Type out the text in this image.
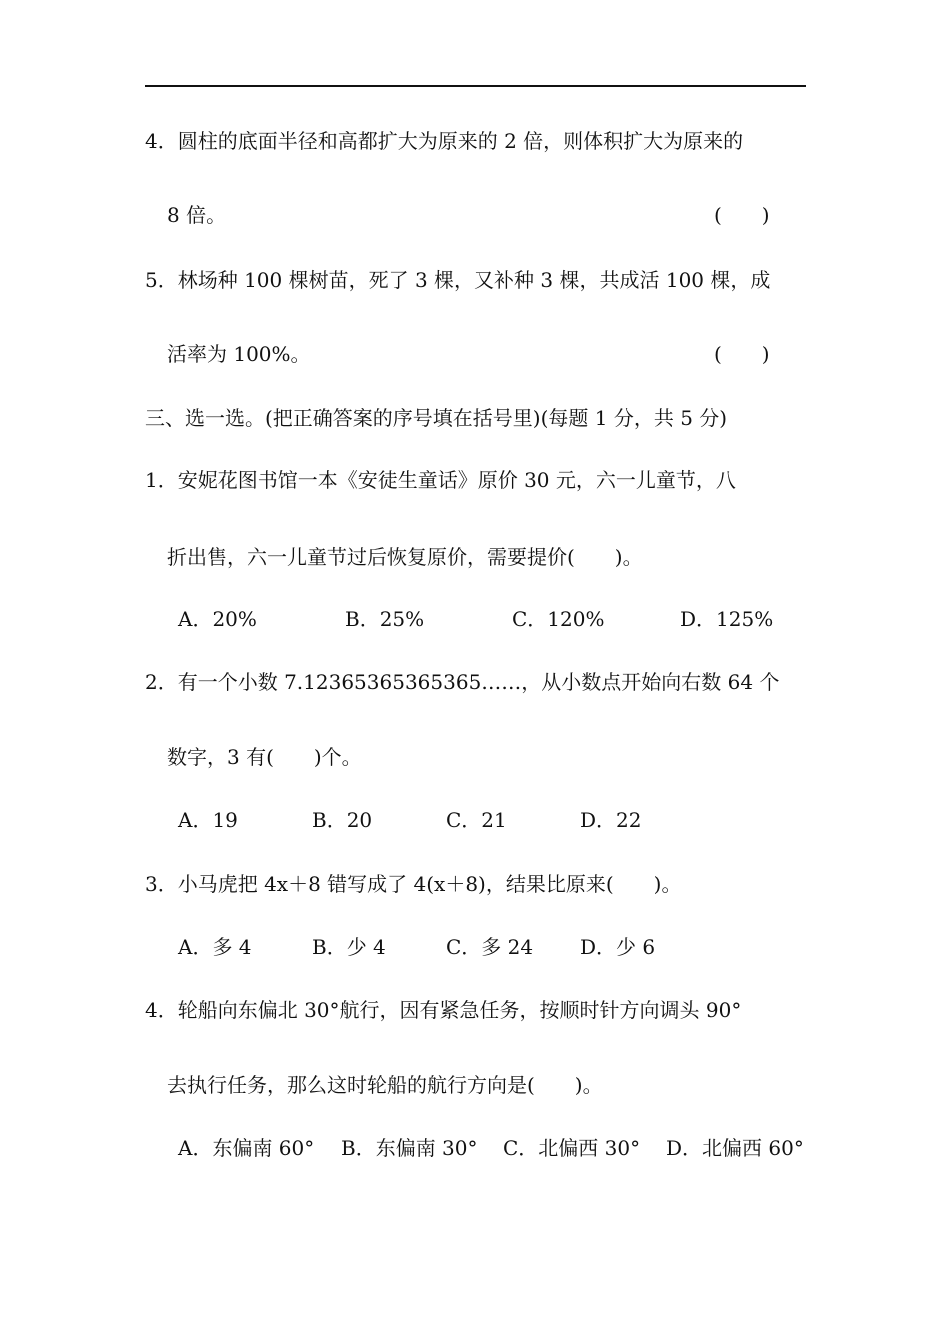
4．圆柱的底面半径和高都扩大为原来的 2 倍，则体积扩大为原来的
8 倍。	(　　)
5．林场种 100 棵树苗，死了 3 棵，又补种 3 棵，共成活 100 棵，成
活率为 100%。	(　　)
三、选一选。(把正确答案的序号填在括号里)(每题 1 分，共 5 分)
1．安妮花图书馆一本《安徒生童话》原价 30 元，六一儿童节，八
折出售，六一儿童节过后恢复原价，需要提价(　　)。
A．20%	B．25%	C．120%	D．125%
2．有一个小数 7.12365365365365……，从小数点开始向右数 64 个
数字，3 有(　　)个。
A．19	B．20	C．21	D．22
3．小马虎把 4x＋8 错写成了 4(x＋8)，结果比原来(　　)。
A．多 4	B．少 4	C．多 24 D．少 6
4．轮船向东偏北 30°航行，因有紧急任务，按顺时针方向调头 90°
去执行任务，那么这时轮船的航行方向是(　　)。
A．东偏南 60° B．东偏南 30° C．北偏西 30° D．北偏西 60°
